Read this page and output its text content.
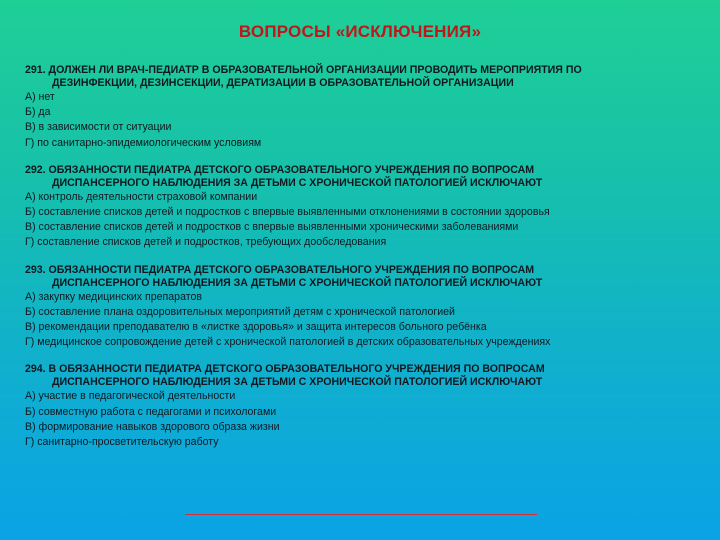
ВОПРОСЫ «ИСКЛЮЧЕНИЯ»
291. ДОЛЖЕН ЛИ ВРАЧ-ПЕДИАТР В ОБРАЗОВАТЕЛЬНОЙ ОРГАНИЗАЦИИ ПРОВОДИТЬ МЕРОПРИЯТИЯ ПО
ДЕЗИНФЕКЦИИ, ДЕЗИНСЕКЦИИ, ДЕРАТИЗАЦИИ В ОБРАЗОВАТЕЛЬНОЙ ОРГАНИЗАЦИИ
А) нет
Б) да
В) в зависимости от ситуации
Г) по санитарно-эпидемиологическим условиям
292. ОБЯЗАННОСТИ ПЕДИАТРА ДЕТСКОГО ОБРАЗОВАТЕЛЬНОГО УЧРЕЖДЕНИЯ ПО ВОПРОСАМ
ДИСПАНСЕРНОГО НАБЛЮДЕНИЯ ЗА ДЕТЬМИ С ХРОНИЧЕСКОЙ ПАТОЛОГИЕЙ ИСКЛЮЧАЮТ
А) контроль деятельности страховой компании
Б) составление списков детей и подростков с впервые выявленными отклонениями в состоянии здоровья
В) составление списков детей и подростков с впервые выявленными хроническими заболеваниями
Г) составление списков детей и подростков, требующих дообследования
293. ОБЯЗАННОСТИ ПЕДИАТРА ДЕТСКОГО ОБРАЗОВАТЕЛЬНОГО УЧРЕЖДЕНИЯ ПО ВОПРОСАМ
ДИСПАНСЕРНОГО НАБЛЮДЕНИЯ ЗА ДЕТЬМИ С ХРОНИЧЕСКОЙ ПАТОЛОГИЕЙ ИСКЛЮЧАЮТ
А) закупку медицинских препаратов
Б) составление плана оздоровительных мероприятий детям с хронической патологией
В) рекомендации преподавателю в «листке здоровья» и защита интересов больного ребёнка
Г) медицинское сопровождение детей с хронической патологией в детских образовательных учреждениях
294. В ОБЯЗАННОСТИ ПЕДИАТРА ДЕТСКОГО ОБРАЗОВАТЕЛЬНОГО УЧРЕЖДЕНИЯ ПО ВОПРОСАМ
ДИСПАНСЕРНОГО НАБЛЮДЕНИЯ ЗА ДЕТЬМИ С ХРОНИЧЕСКОЙ ПАТОЛОГИЕЙ ИСКЛЮЧАЮТ
А) участие в педагогической деятельности
Б) совместную работа с педагогами и психологами
В) формирование навыков здорового образа жизни
Г) санитарно-просветительскую работу
